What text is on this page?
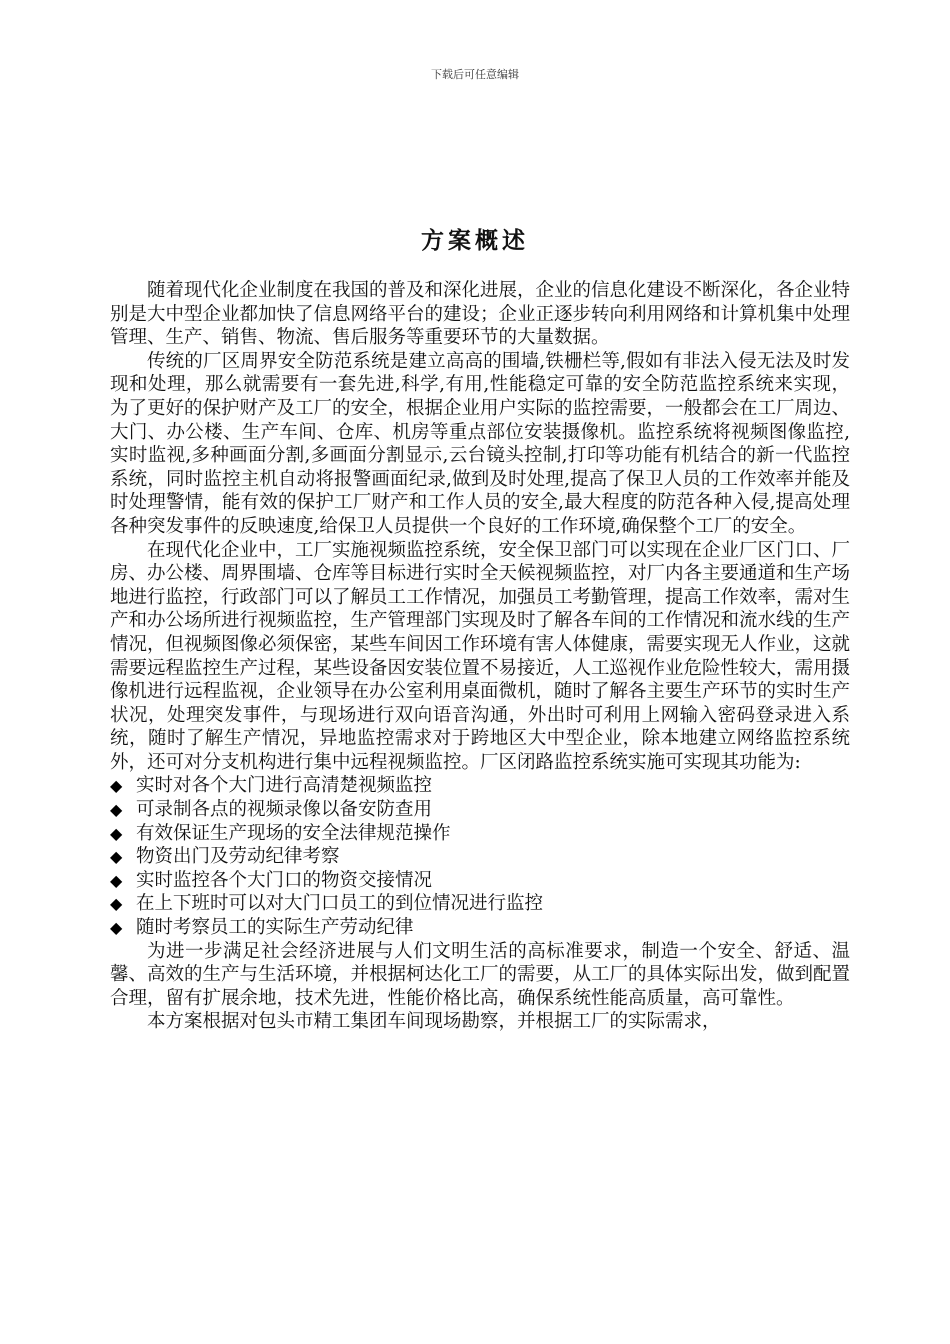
下载后可任意编辑
方案概述

随着现代化企业制度在我国的普及和深化进展，企业的信息化建设不断深化，各企业特别是大中型企业都加快了信息网络平台的建设；企业正逐步转向利用网络和计算机集中处理管理、生产、销售、物流、售后服务等重要环节的大量数据。

传统的厂区周界安全防范系统是建立高高的围墙,铁栅栏等,假如有非法入侵无法及时发现和处理，那么就需要有一套先进,科学,有用,性能稳定可靠的安全防范监控系统来实现， 为了更好的保护财产及工厂的安全，根据企业用户实际的监控需要，一般都会在工厂周边、大门、办公楼、生产车间、仓库、机房等重点部位安装摄像机。监控系统将视频图像监控,实时监视,多种画面分割,多画面分割显示,云台镜头控制,打印等功能有机结合的新一代监控系统，同时监控主机自动将报警画面纪录,做到及时处理,提高了保卫人员的工作效率并能及时处理警情，能有效的保护工厂财产和工作人员的安全,最大程度的防范各种入侵,提高处理各种突发事件的反映速度,给保卫人员提供一个良好的工作环境,确保整个工厂的安全。

在现代化企业中，工厂实施视频监控系统，安全保卫部门可以实现在企业厂区门口、厂房、办公楼、周界围墙、仓库等目标进行实时全天候视频监控，对厂内各主要通道和生产场地进行监控，行政部门可以了解员工工作情况，加强员工考勤管理，提高工作效率，需对生产和办公场所进行视频监控，生产管理部门实现及时了解各车间的工作情况和流水线的生产情况，但视频图像必须保密，某些车间因工作环境有害人体健康，需要实现无人作业，这就需要远程监控生产过程，某些设备因安装位置不易接近，人工巡视作业危险性较大，需用摄像机进行远程监视，企业领导在办公室利用桌面微机，随时了解各主要生产环节的实时生产状况，处理突发事件，与现场进行双向语音沟通，外出时可利用上网输入密码登录进入系统，随时了解生产情况，异地监控需求对于跨地区大中型企业，除本地建立网络监控系统外，还可对分支机构进行集中远程视频监控。厂区闭路监控系统实施可实现其功能为:

◆ 实时对各个大门进行高清楚视频监控
◆ 可录制各点的视频录像以备安防查用
◆ 有效保证生产现场的安全法律规范操作
◆ 物资出门及劳动纪律考察
◆ 实时监控各个大门口的物资交接情况
◆ 在上下班时可以对大门口员工的到位情况进行监控
◆ 随时考察员工的实际生产劳动纪律

为进一步满足社会经济进展与人们文明生活的高标准要求，制造一个安全、舒适、温馨、高效的生产与生活环境，并根据柯达化工厂的需要，从工厂的具体实际出发，做到配置合理，留有扩展余地，技术先进，性能价格比高，确保系统性能高质量，高可靠性。

本方案根据对包头市精工集团车间现场勘察，并根据工厂的实际需求，
